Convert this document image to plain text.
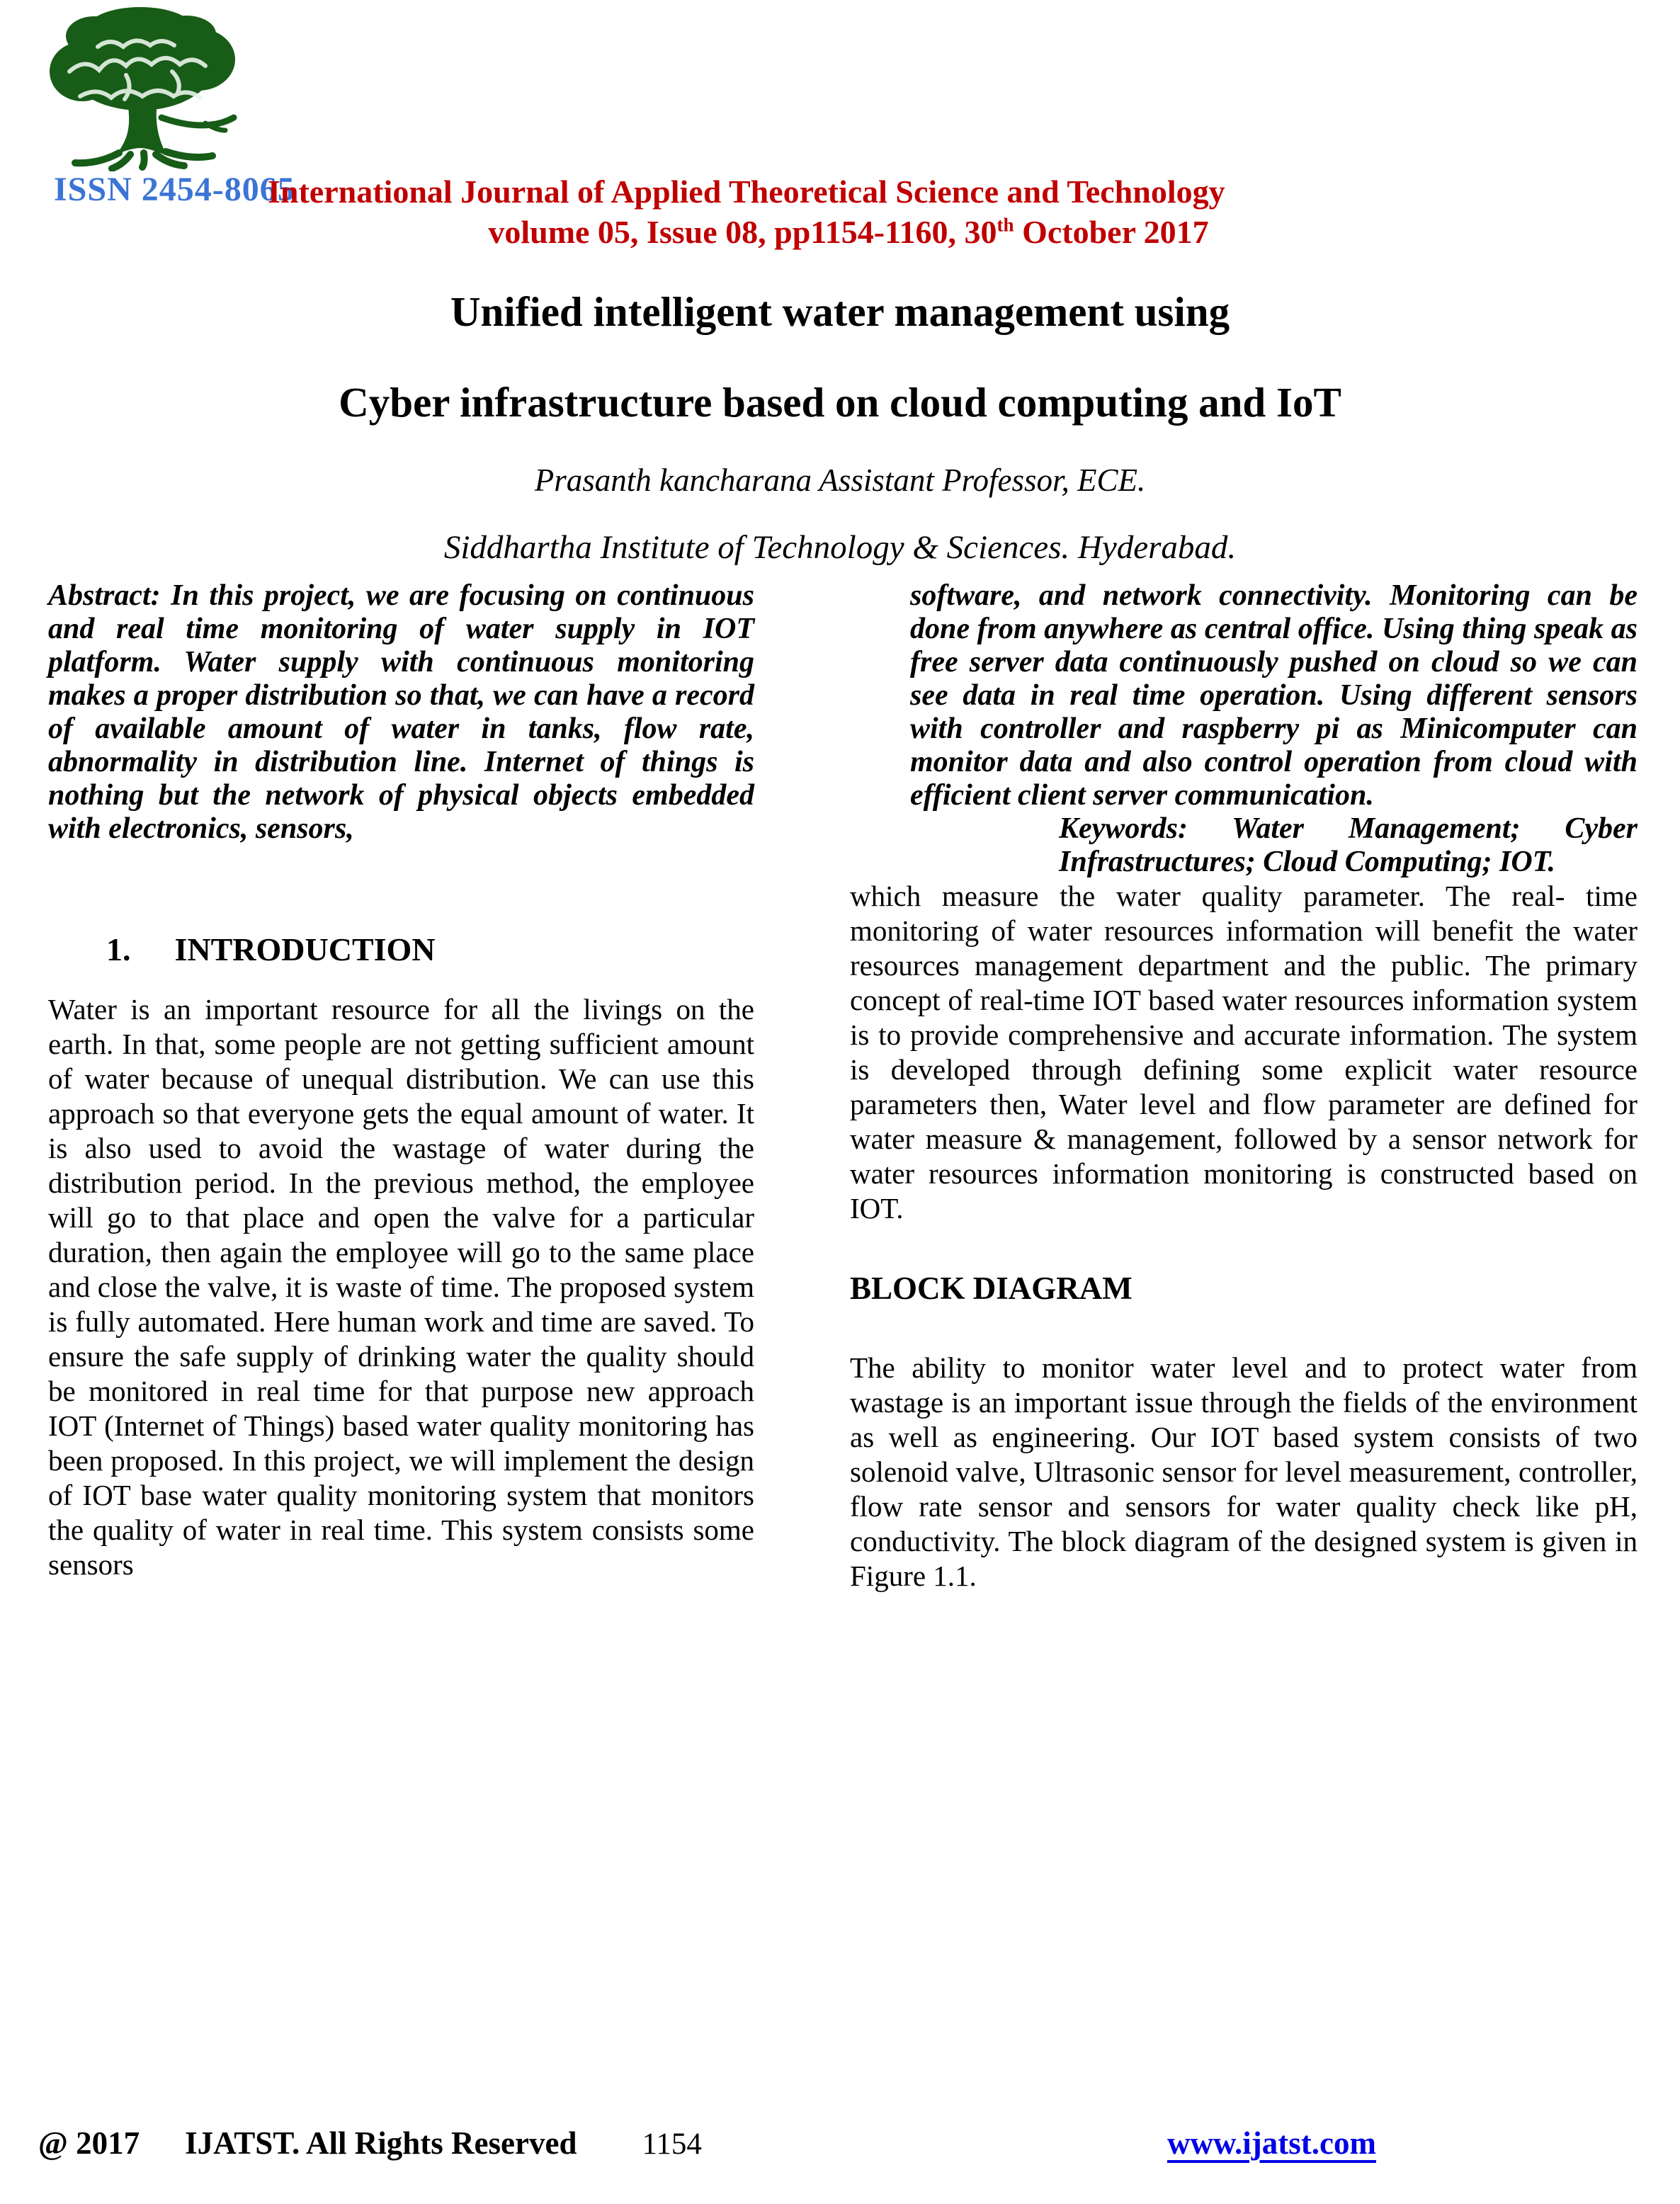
ISSN 2454-8065
International Journal of Applied Theoretical Science and Technology
volume 05, Issue 08, pp1154-1160, 30th October 2017
Unified intelligent water management using
Cyber infrastructure based on cloud computing and IoT
Prasanth kancharana Assistant Professor, ECE.
Siddhartha Institute of Technology & Sciences. Hyderabad.

Abstract: In this project, we are focusing on continuous and real time monitoring of water supply in IOT platform. Water supply with continuous monitoring makes a proper distribution so that, we can have a record of available amount of water in tanks, flow rate, abnormality in distribution line. Internet of things is nothing but the network of physical objects embedded with electronics, sensors,

1. INTRODUCTION

Water is an important resource for all the livings on the earth. In that, some people are not getting sufficient amount of water because of unequal distribution. We can use this approach so that everyone gets the equal amount of water. It is also used to avoid the wastage of water during the distribution period. In the previous method, the employee will go to that place and open the valve for a particular duration, then again the employee will go to the same place and close the valve, it is waste of time. The proposed system is fully automated. Here human work and time are saved. To ensure the safe supply of drinking water the quality should be monitored in real time for that purpose new approach IOT (Internet of Things) based water quality monitoring has been proposed. In this project, we will implement the design of IOT base water quality monitoring system that monitors the quality of water in real time. This system consists some sensors

software, and network connectivity. Monitoring can be done from anywhere as central office. Using thing speak as free server data continuously pushed on cloud so we can see data in real time operation. Using different sensors with controller and raspberry pi as Minicomputer can monitor data and also control operation from cloud with efficient client server communication.

Keywords: Water Management; Cyber Infrastructures; Cloud Computing; IOT.

which measure the water quality parameter. The real- time monitoring of water resources information will benefit the water resources management department and the public. The primary concept of real-time IOT based water resources information system is to provide comprehensive and accurate information. The system is developed through defining some explicit water resource parameters then, Water level and flow parameter are defined for water measure & management, followed by a sensor network for water resources information monitoring is constructed based on IOT.

BLOCK DIAGRAM

The ability to monitor water level and to protect water from wastage is an important issue through the fields of the environment as well as engineering. Our IOT based system consists of two solenoid valve, Ultrasonic sensor for level measurement, controller, flow rate sensor and sensors for water quality check like pH, conductivity. The block diagram of the designed system is given in Figure 1.1.

@ 2017 IJATST. All Rights Reserved 1154	www.ijatst.com
